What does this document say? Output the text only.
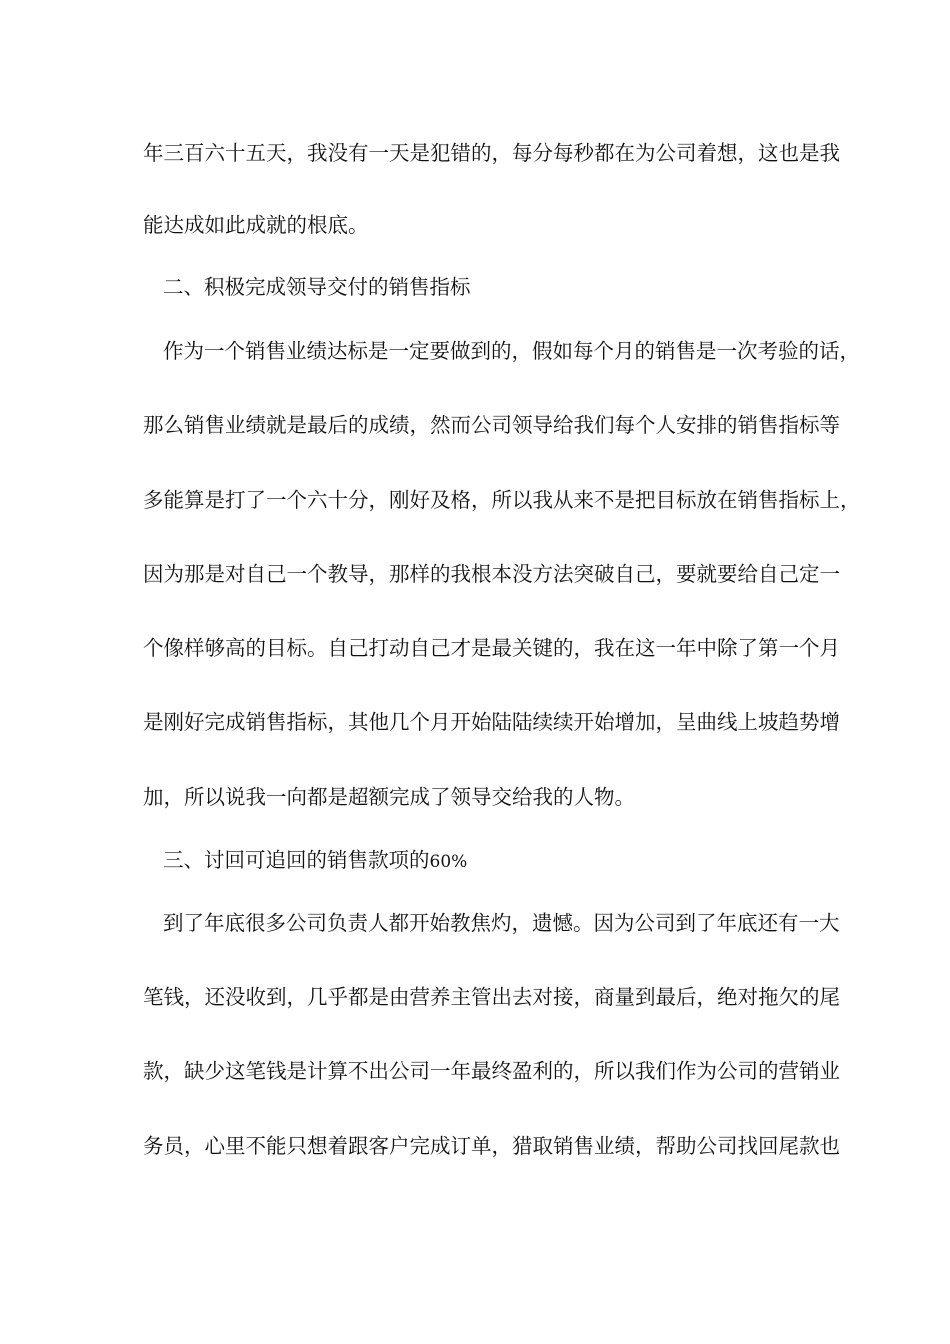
年三百六十五天，我没有一天是犯错的，每分每秒都在为公司着想，这也是我
能达成如此成就的根底。
二、积极完成领导交付的销售指标
作为一个销售业绩达标是一定要做到的，假如每个月的销售是一次考验的话，
那么销售业绩就是最后的成绩，然而公司领导给我们每个人安排的销售指标等
多能算是打了一个六十分，刚好及格，所以我从来不是把目标放在销售指标上，
因为那是对自己一个教导，那样的我根本没方法突破自己，要就要给自己定一
个像样够高的目标。自己打动自己才是最关键的，我在这一年中除了第一个月
是刚好完成销售指标，其他几个月开始陆陆续续开始增加，呈曲线上坡趋势增
加，所以说我一向都是超额完成了领导交给我的人物。
三、讨回可追回的销售款项的60%
到了年底很多公司负责人都开始教焦灼，遗憾。因为公司到了年底还有一大
笔钱，还没收到，几乎都是由营养主管出去对接，商量到最后，绝对拖欠的尾
款，缺少这笔钱是计算不出公司一年最终盈利的，所以我们作为公司的营销业
务员，心里不能只想着跟客户完成订单，猎取销售业绩，帮助公司找回尾款也
